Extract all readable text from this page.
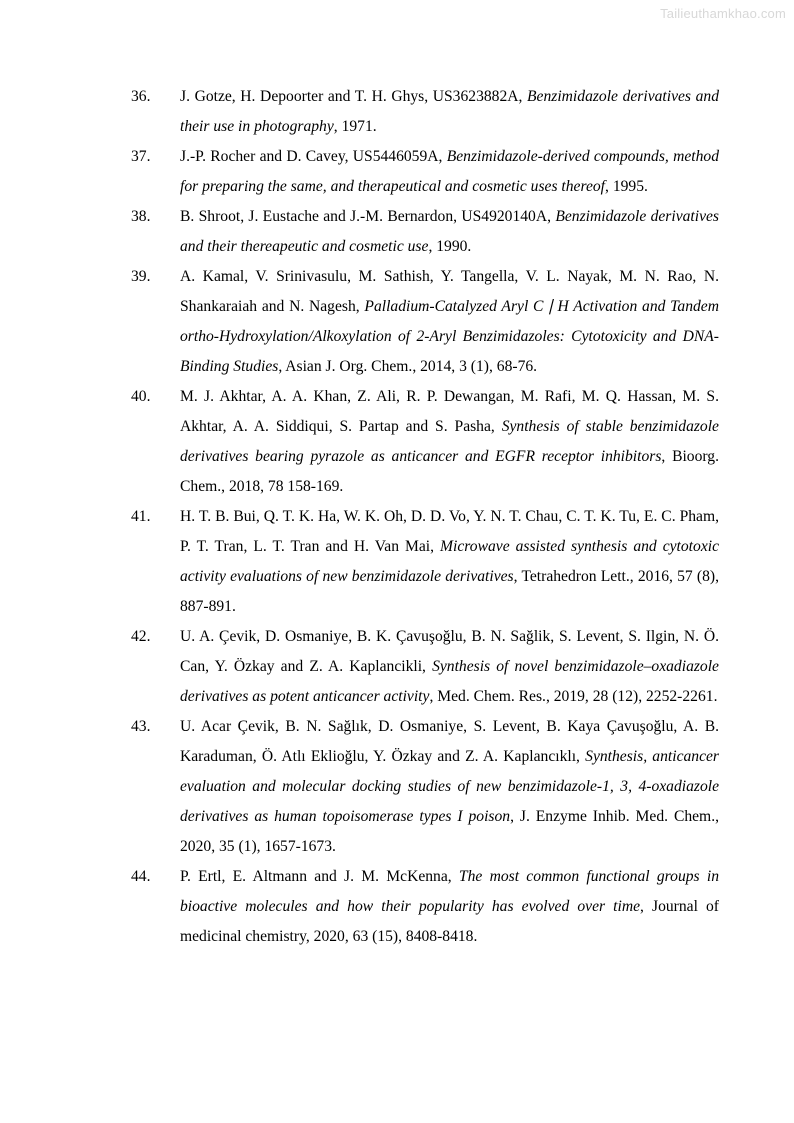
Tailieuthamkhao.com
36.	J. Gotze, H. Depoorter and T. H. Ghys, US3623882A, Benzimidazole derivatives and their use in photography, 1971.
37.	J.-P. Rocher and D. Cavey, US5446059A, Benzimidazole-derived compounds, method for preparing the same, and therapeutical and cosmetic uses thereof, 1995.
38.	B. Shroot, J. Eustache and J.-M. Bernardon, US4920140A, Benzimidazole derivatives and their thereapeutic and cosmetic use, 1990.
39.	A. Kamal, V. Srinivasulu, M. Sathish, Y. Tangella, V. L. Nayak, M. N. Rao, N. Shankaraiah and N. Nagesh, Palladium-Catalyzed Aryl C ∣ H Activation and Tandem ortho-Hydroxylation/Alkoxylation of 2-Aryl Benzimidazoles: Cytotoxicity and DNA-Binding Studies, Asian J. Org. Chem., 2014, 3 (1), 68-76.
40.	M. J. Akhtar, A. A. Khan, Z. Ali, R. P. Dewangan, M. Rafi, M. Q. Hassan, M. S. Akhtar, A. A. Siddiqui, S. Partap and S. Pasha, Synthesis of stable benzimidazole derivatives bearing pyrazole as anticancer and EGFR receptor inhibitors, Bioorg. Chem., 2018, 78 158-169.
41.	H. T. B. Bui, Q. T. K. Ha, W. K. Oh, D. D. Vo, Y. N. T. Chau, C. T. K. Tu, E. C. Pham, P. T. Tran, L. T. Tran and H. Van Mai, Microwave assisted synthesis and cytotoxic activity evaluations of new benzimidazole derivatives, Tetrahedron Lett., 2016, 57 (8), 887-891.
42.	U. A. Çevik, D. Osmaniye, B. K. Çavuşoğlu, B. N. Sağlik, S. Levent, S. Ilgin, N. Ö. Can, Y. Özkay and Z. A. Kaplancikli, Synthesis of novel benzimidazole–oxadiazole derivatives as potent anticancer activity, Med. Chem. Res., 2019, 28 (12), 2252-2261.
43.	U. Acar Çevik, B. N. Sağlık, D. Osmaniye, S. Levent, B. Kaya Çavuşoğlu, A. B. Karaduman, Ö. Atlı Eklioğlu, Y. Özkay and Z. A. Kaplancıklı, Synthesis, anticancer evaluation and molecular docking studies of new benzimidazole-1, 3, 4-oxadiazole derivatives as human topoisomerase types I poison, J. Enzyme Inhib. Med. Chem., 2020, 35 (1), 1657-1673.
44.	P. Ertl, E. Altmann and J. M. McKenna, The most common functional groups in bioactive molecules and how their popularity has evolved over time, Journal of medicinal chemistry, 2020, 63 (15), 8408-8418.
